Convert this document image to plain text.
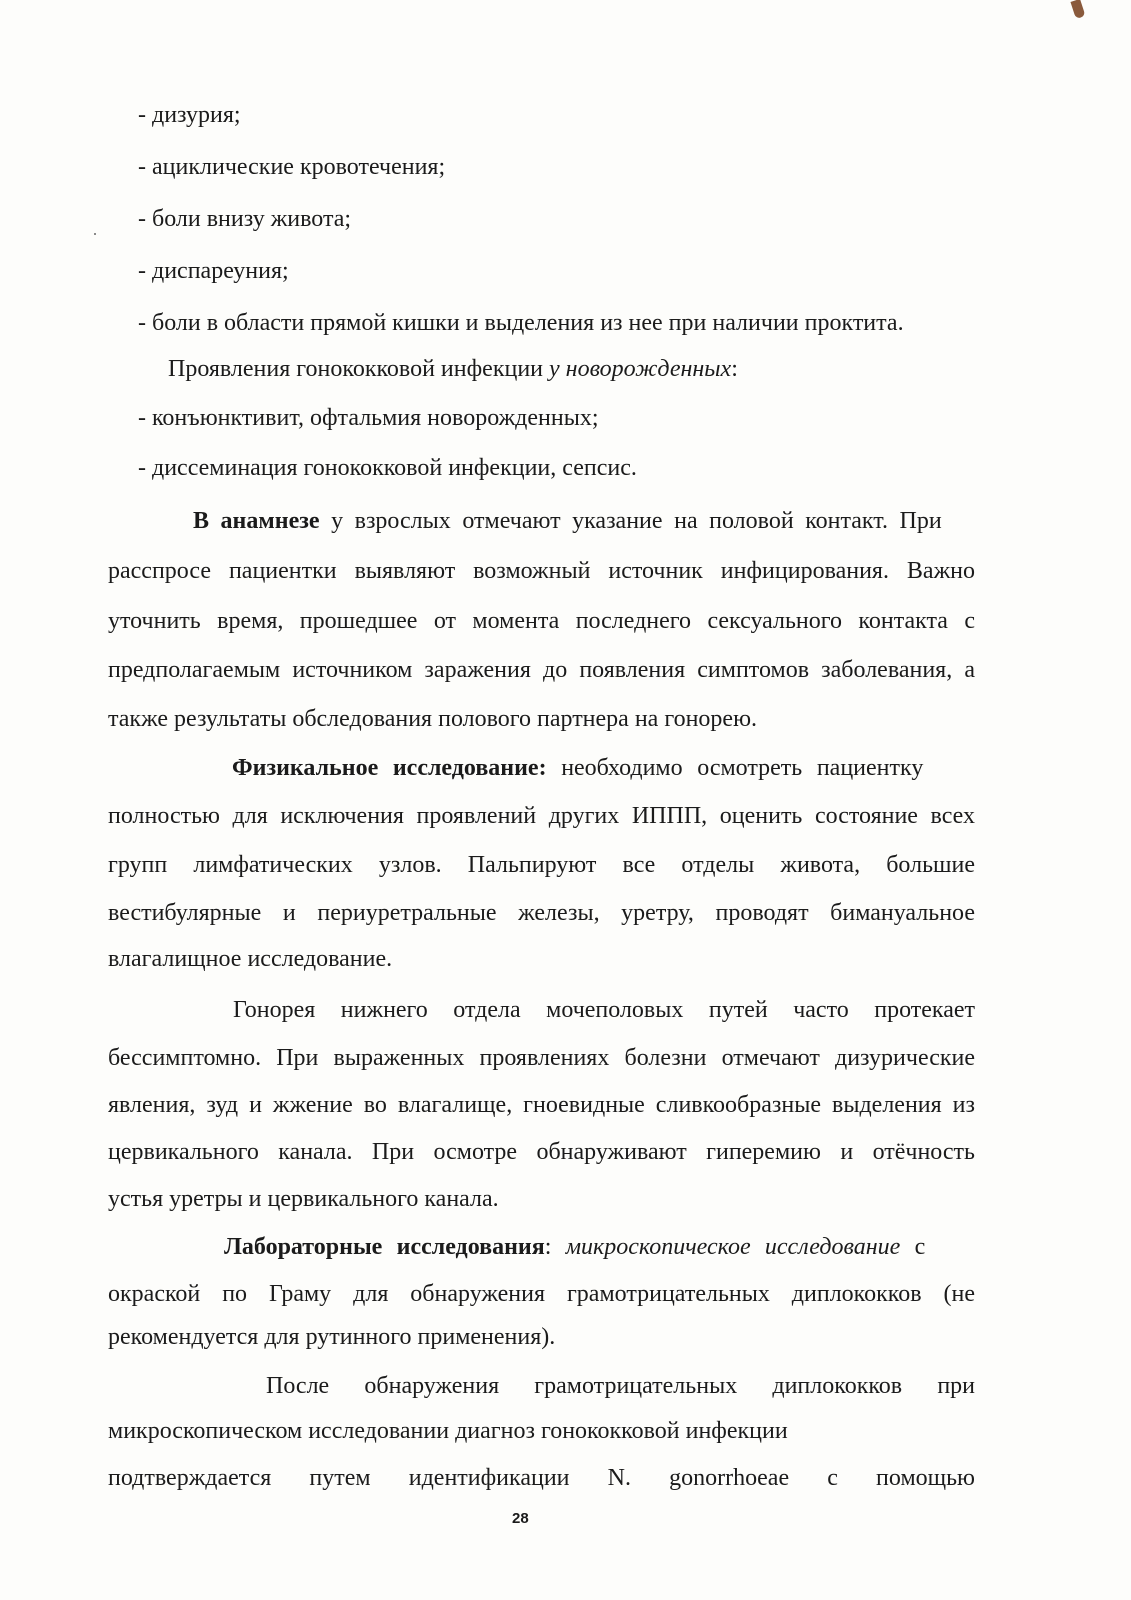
- дизурия;
- ациклические кровотечения;
- боли внизу живота;
- диспареуния;
- боли в области прямой кишки и выделения из нее при наличии проктита.
Проявления гонококковой инфекции у новорожденных:
- конъюнктивит, офтальмия новорожденных;
- диссеминация гонококковой инфекции, сепсис.
В анамнезе у взрослых отмечают указание на половой контакт. При
расспросе пациентки выявляют возможный источник инфицирования. Важно
уточнить время, прошедшее от момента последнего сексуального контакта с
предполагаемым источником заражения до появления симптомов заболевания, а
также результаты обследования полового партнера на гонорею.
Физикальное исследование: необходимо осмотреть пациентку
полностью для исключения проявлений других ИППП, оценить состояние всех
групп лимфатических узлов. Пальпируют все отделы живота, большие
вестибулярные и периуретральные железы, уретру, проводят бимануальное
влагалищное исследование.
Гонорея нижнего отдела мочеполовых путей часто протекает
бессимптомно. При выраженных проявлениях болезни отмечают дизурические
явления, зуд и жжение во влагалище, гноевидные сливкообразные выделения из
цервикального канала. При осмотре обнаруживают гиперемию и отёчность
устья уретры и цервикального канала.
Лабораторные исследования: микроскопическое исследование с
окраской по Граму для обнаружения грамотрицательных диплококков (не
рекомендуется для рутинного применения).
После обнаружения грамотрицательных диплококков при
микроскопическом исследовании диагноз гонококковой инфекции
подтверждается путем идентификации N. gonorrhoeae с помощью
28
